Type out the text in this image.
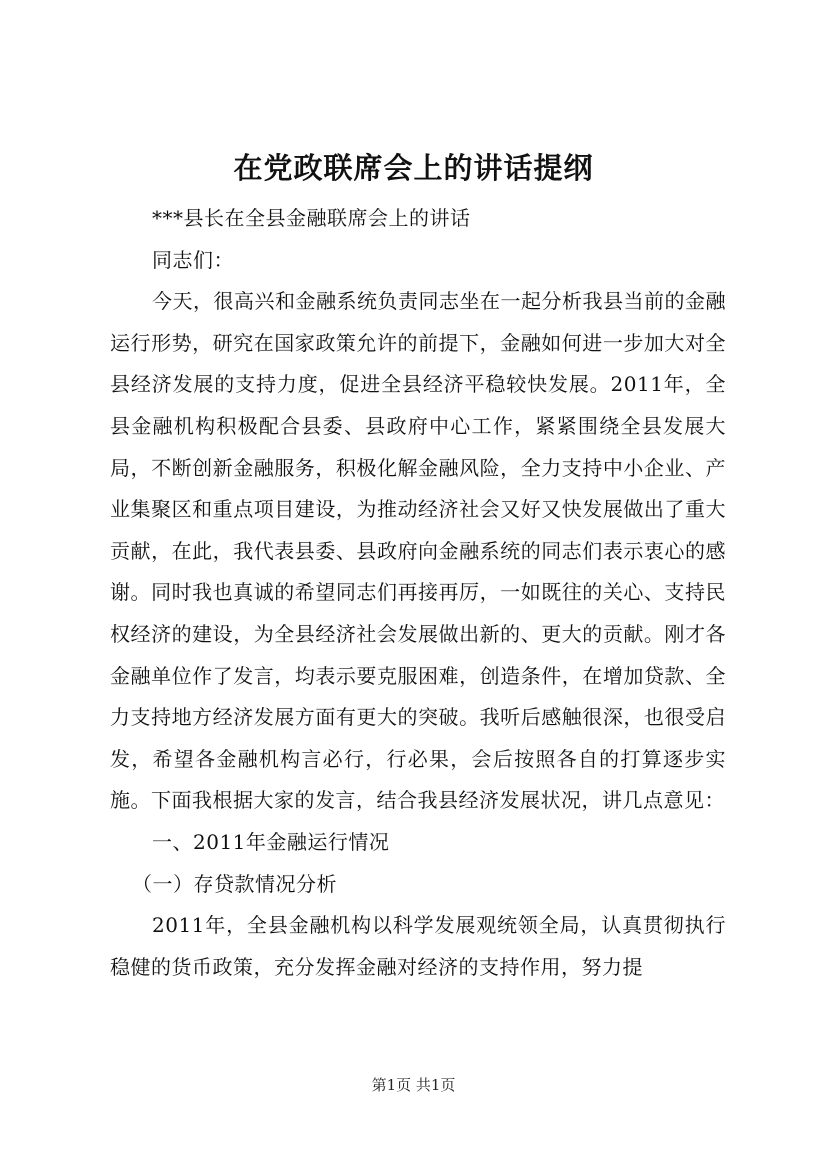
在党政联席会上的讲话提纲

***县长在全县金融联席会上的讲话

同志们：

今天，很高兴和金融系统负责同志坐在一起分析我县当前的金融运行形势，研究在国家政策允许的前提下，金融如何进一步加大对全县经济发展的支持力度，促进全县经济平稳较快发展。2011年，全县金融机构积极配合县委、县政府中心工作，紧紧围绕全县发展大局，不断创新金融服务，积极化解金融风险，全力支持中小企业、产业集聚区和重点项目建设，为推动经济社会又好又快发展做出了重大贡献，在此，我代表县委、县政府向金融系统的同志们表示衷心的感谢。同时我也真诚的希望同志们再接再厉，一如既往的关心、支持民权经济的建设，为全县经济社会发展做出新的、更大的贡献。刚才各金融单位作了发言，均表示要克服困难，创造条件，在增加贷款、全力支持地方经济发展方面有更大的突破。我听后感触很深，也很受启发，希望各金融机构言必行，行必果，会后按照各自的打算逐步实施。下面我根据大家的发言，结合我县经济发展状况，讲几点意见：

一、2011年金融运行情况

（一）存贷款情况分析

2011年，全县金融机构以科学发展观统领全局，认真贯彻执行稳健的货币政策，充分发挥金融对经济的支持作用，努力提

第1页 共1页
